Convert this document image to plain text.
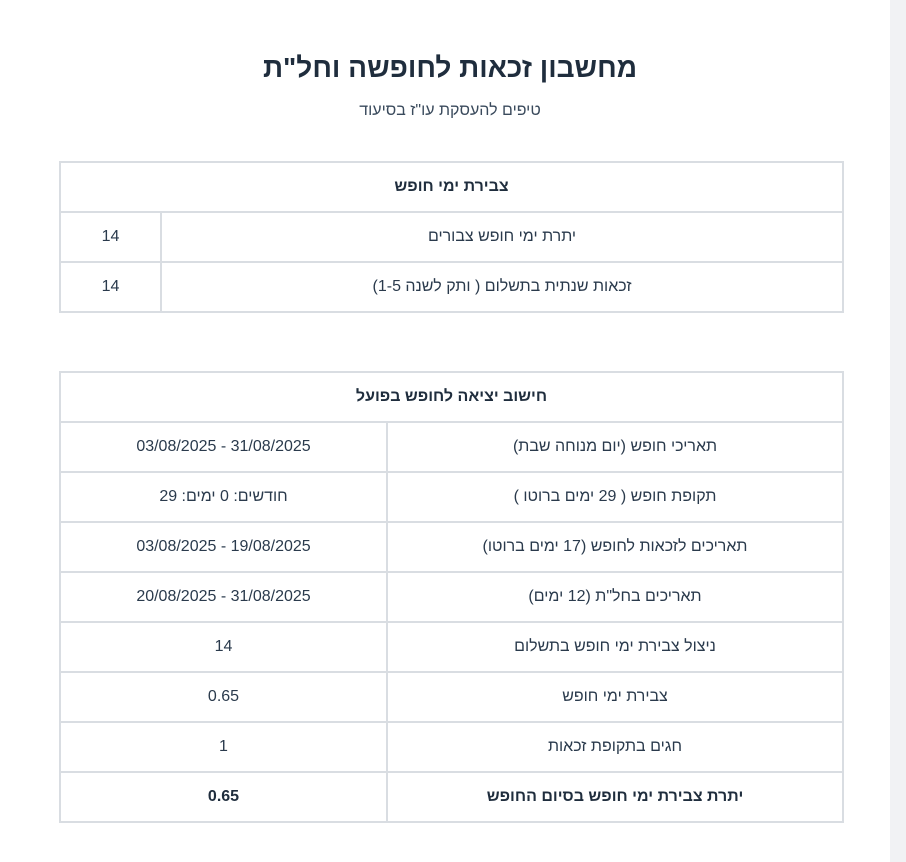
מחשבון זכאות לחופשה וחל"ת

טיפים להעסקת עו"ז בסיעוד

צבירת ימי חופש	
יתרת ימי חופש צבורים	14
זכאות שנתית בתשלום ( ותק לשנה 1-5)	14
חישוב יציאה לחופש בפועל	
תאריכי חופש (יום מנוחה שבת)	03/08/2025 - 31/08/2025
תקופת חופש ( 29 ימים ברוטו )	חודשים: 0 ימים: 29
תאריכים לזכאות לחופש (17 ימים ברוטו)	03/08/2025 - 19/08/2025
תאריכים בחל"ת (12 ימים)	20/08/2025 - 31/08/2025
ניצול צבירת ימי חופש בתשלום	14
צבירת ימי חופש	0.65
חגים בתקופת זכאות	1
יתרת צבירת ימי חופש בסיום החופש	0.65
